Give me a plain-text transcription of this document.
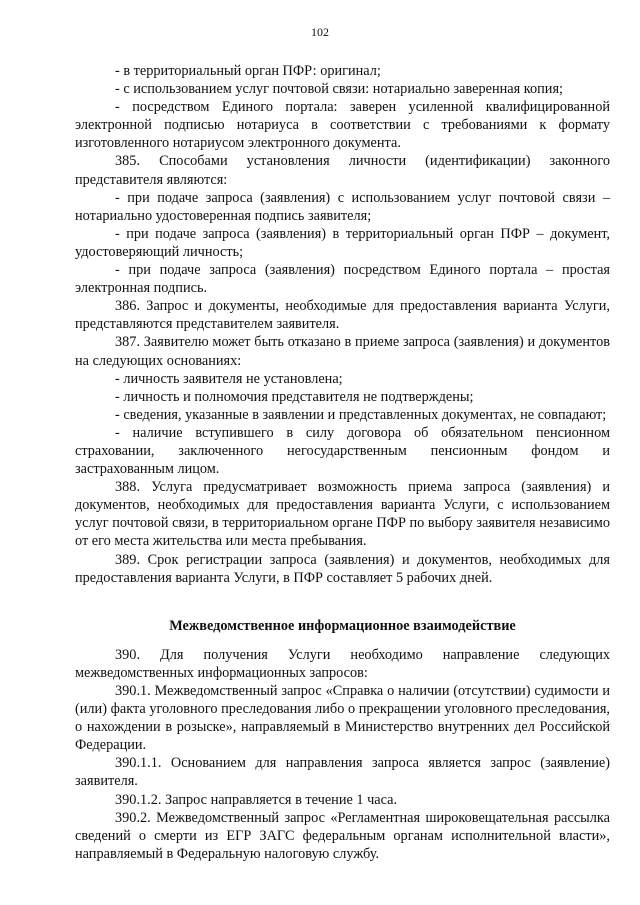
102

- в территориальный орган ПФР: оригинал;

- с использованием услуг почтовой связи: нотариально заверенная копия;

- посредством Единого портала: заверен усиленной квалифицированной электронной подписью нотариуса в соответствии с требованиями к формату изготовленного нотариусом электронного документа.

385. Способами установления личности (идентификации) законного представителя являются:

- при подаче запроса (заявления) с использованием услуг почтовой связи – нотариально удостоверенная подпись заявителя;

- при подаче запроса (заявления) в территориальный орган ПФР – документ, удостоверяющий личность;

- при подаче запроса (заявления) посредством Единого портала – простая электронная подпись.

386. Запрос и документы, необходимые для предоставления варианта Услуги, представляются представителем заявителя.

387. Заявителю может быть отказано в приеме запроса (заявления) и документов на следующих основаниях:

- личность заявителя не установлена;

- личность и полномочия представителя не подтверждены;

- сведения, указанные в заявлении и представленных документах, не совпадают;

- наличие вступившего в силу договора об обязательном пенсионном страховании, заключенного негосударственным пенсионным фондом и застрахованным лицом.

388. Услуга предусматривает возможность приема запроса (заявления) и документов, необходимых для предоставления варианта Услуги, с использованием услуг почтовой связи, в территориальном органе ПФР по выбору заявителя независимо от его места жительства или места пребывания.

389. Срок регистрации запроса (заявления) и документов, необходимых для предоставления варианта Услуги, в ПФР составляет 5 рабочих дней.

Межведомственное информационное взаимодействие

390. Для получения Услуги необходимо направление следующих межведомственных информационных запросов:

390.1. Межведомственный запрос «Справка о наличии (отсутствии) судимости и (или) факта уголовного преследования либо о прекращении уголовного преследования, о нахождении в розыске», направляемый в Министерство внутренних дел Российской Федерации.

390.1.1. Основанием для направления запроса является запрос (заявление) заявителя.

390.1.2. Запрос направляется в течение 1 часа.

390.2. Межведомственный запрос «Регламентная широковещательная рассылка сведений о смерти из ЕГР ЗАГС федеральным органам исполнительной власти», направляемый в Федеральную налоговую службу.
